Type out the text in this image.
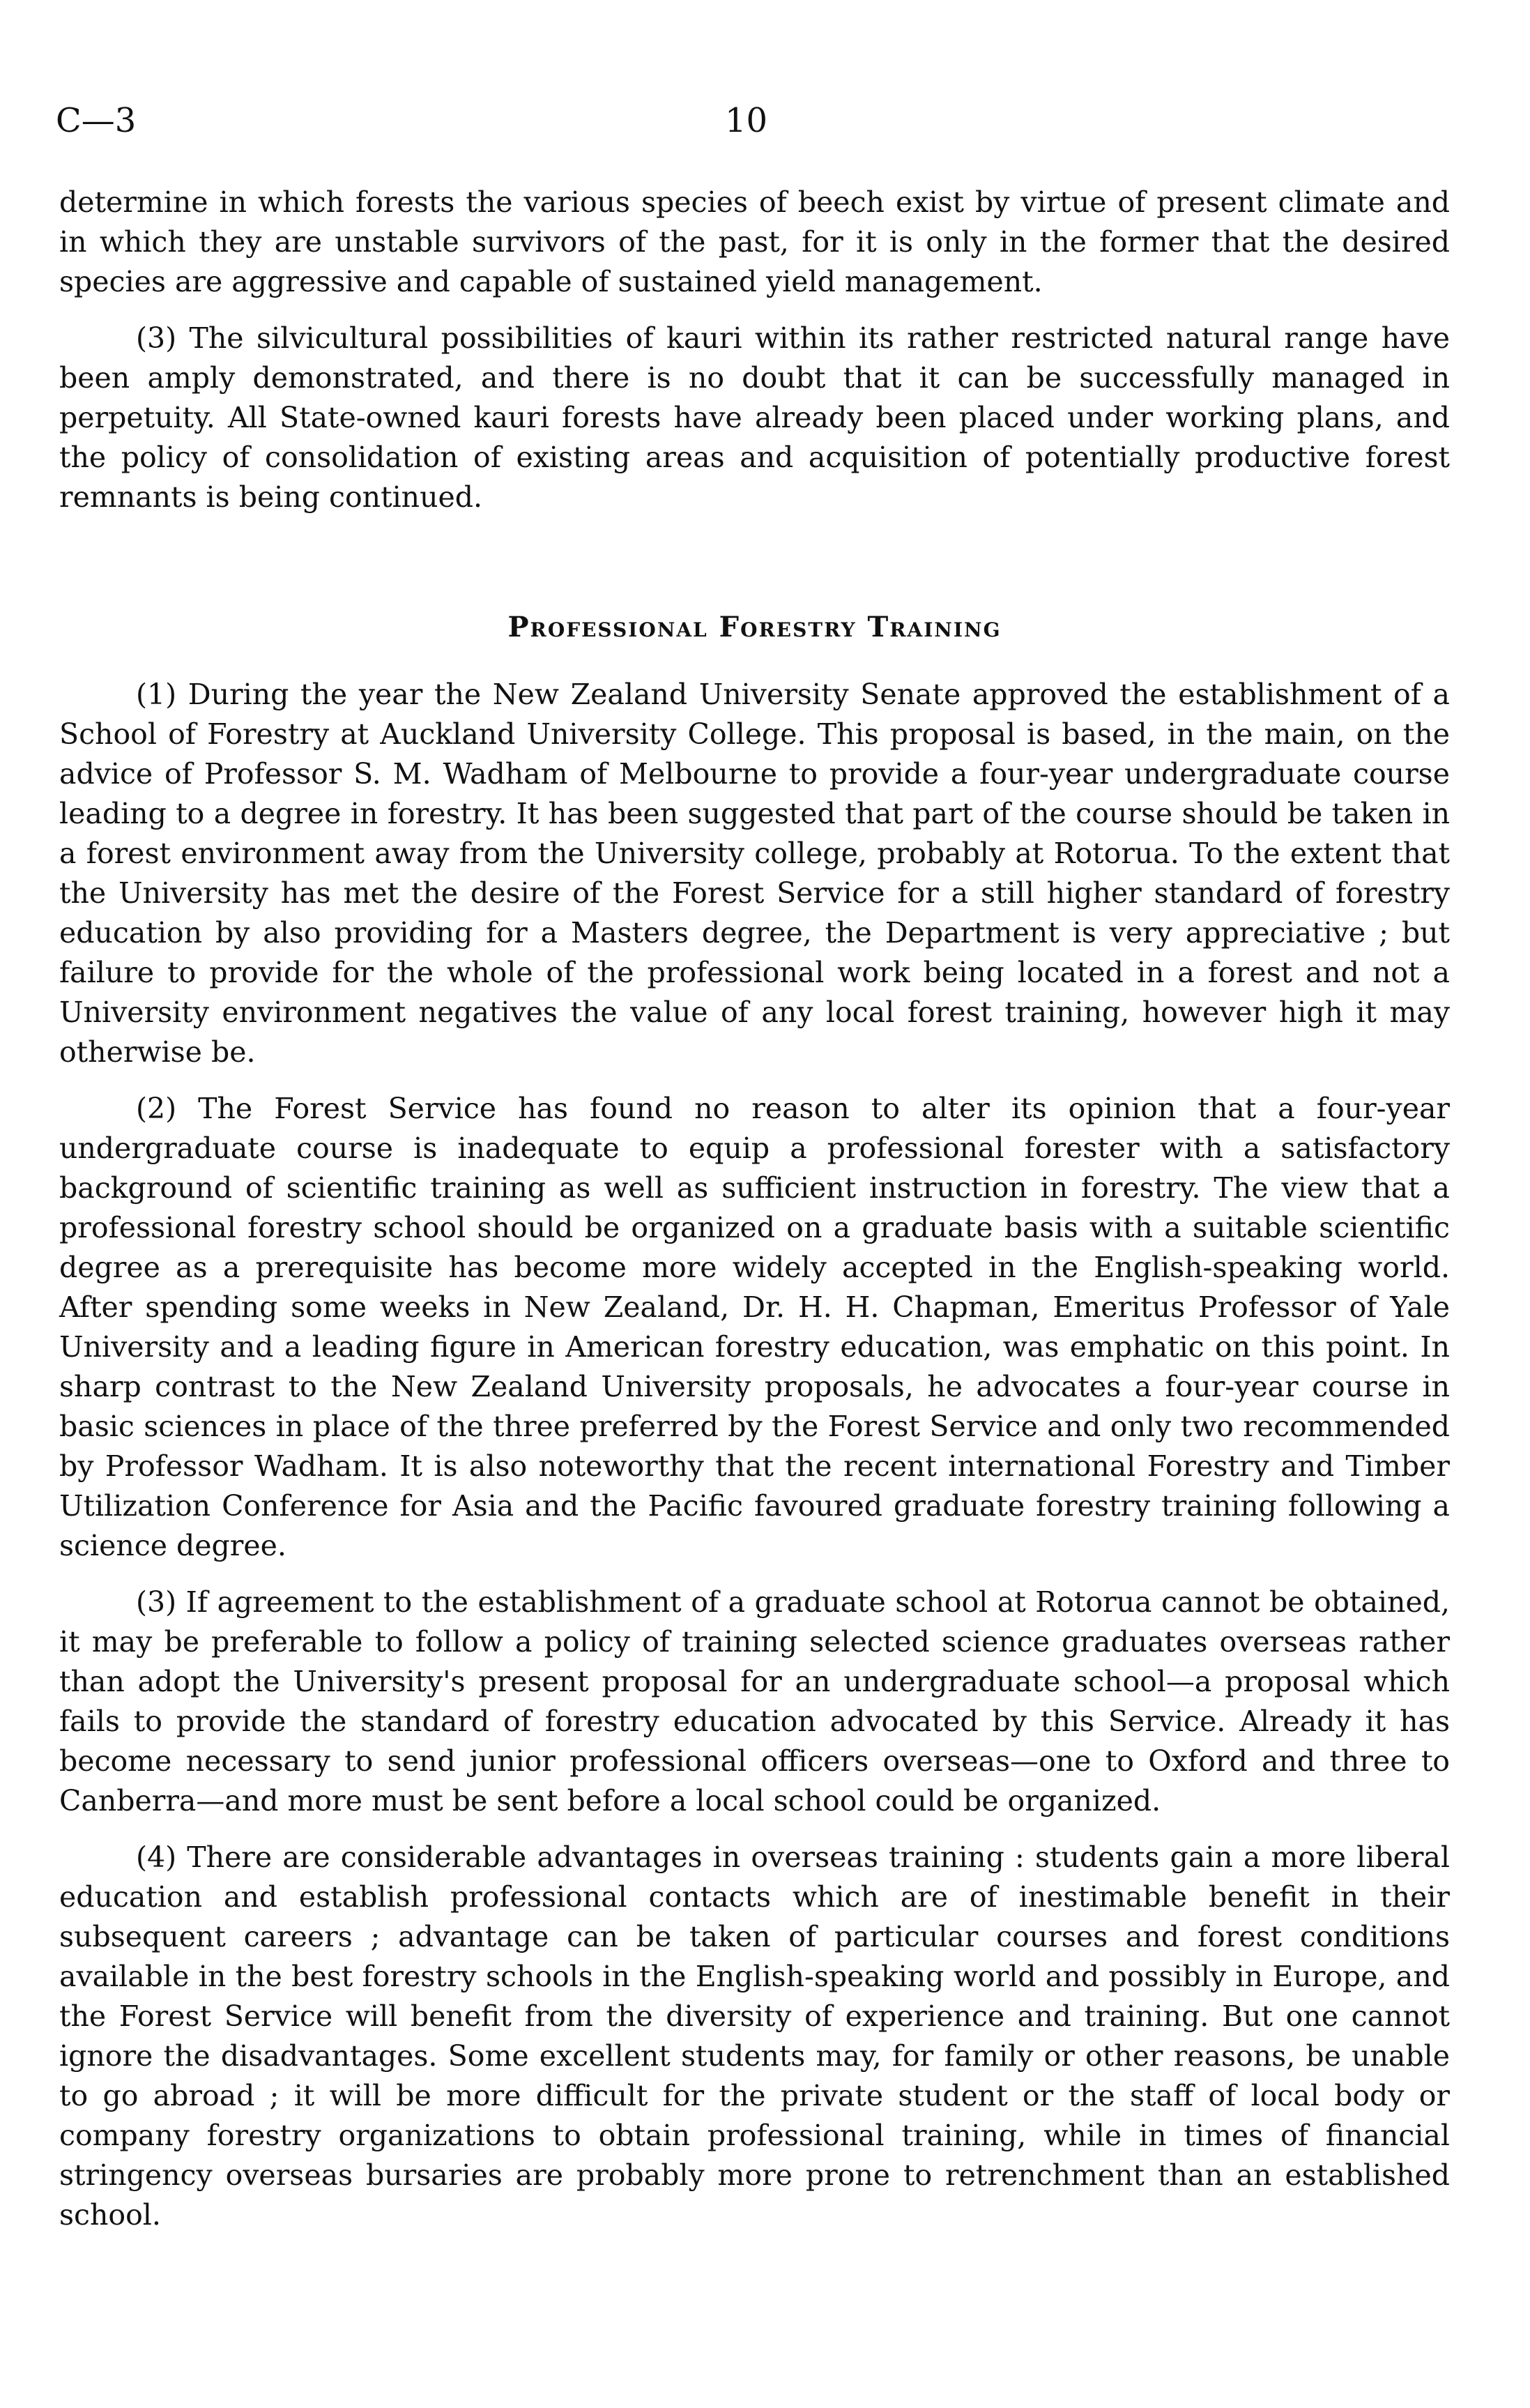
C—3	10

determine in which forests the various species of beech exist by virtue of present climate and in which they are unstable survivors of the past, for it is only in the former that the desired species are aggressive and capable of sustained yield management.

(3) The silvicultural possibilities of kauri within its rather restricted natural range have been amply demonstrated, and there is no doubt that it can be successfully managed in perpetuity. All State-owned kauri forests have already been placed under working plans, and the policy of consolidation of existing areas and acquisition of potentially productive forest remnants is being continued.

Professional Forestry Training

(1) During the year the New Zealand University Senate approved the establishment of a School of Forestry at Auckland University College. This proposal is based, in the main, on the advice of Professor S. M. Wadham of Melbourne to provide a four-year undergraduate course leading to a degree in forestry. It has been suggested that part of the course should be taken in a forest environment away from the University college, probably at Rotorua. To the extent that the University has met the desire of the Forest Service for a still higher standard of forestry education by also providing for a Masters degree, the Department is very appreciative ; but failure to provide for the whole of the professional work being located in a forest and not a University environment negatives the value of any local forest training, however high it may otherwise be.

(2) The Forest Service has found no reason to alter its opinion that a four-year undergraduate course is inadequate to equip a professional forester with a satisfactory background of scientific training as well as sufficient instruction in forestry. The view that a professional forestry school should be organized on a graduate basis with a suitable scientific degree as a prerequisite has become more widely accepted in the English-speaking world. After spending some weeks in New Zealand, Dr. H. H. Chapman, Emeritus Professor of Yale University and a leading figure in American forestry education, was emphatic on this point. In sharp contrast to the New Zealand University proposals, he advocates a four-year course in basic sciences in place of the three preferred by the Forest Service and only two recommended by Professor Wadham. It is also noteworthy that the recent international Forestry and Timber Utilization Conference for Asia and the Pacific favoured graduate forestry training following a science degree.

(3) If agreement to the establishment of a graduate school at Rotorua cannot be obtained, it may be preferable to follow a policy of training selected science graduates overseas rather than adopt the University's present proposal for an undergraduate school—a proposal which fails to provide the standard of forestry education advocated by this Service. Already it has become necessary to send junior professional officers overseas—one to Oxford and three to Canberra—and more must be sent before a local school could be organized.

(4) There are considerable advantages in overseas training : students gain a more liberal education and establish professional contacts which are of inestimable benefit in their subsequent careers ; advantage can be taken of particular courses and forest conditions available in the best forestry schools in the English-speaking world and possibly in Europe, and the Forest Service will benefit from the diversity of experience and training. But one cannot ignore the disadvantages. Some excellent students may, for family or other reasons, be unable to go abroad ; it will be more difficult for the private student or the staff of local body or company forestry organizations to obtain professional training, while in times of financial stringency overseas bursaries are probably more prone to retrenchment than an established school.
